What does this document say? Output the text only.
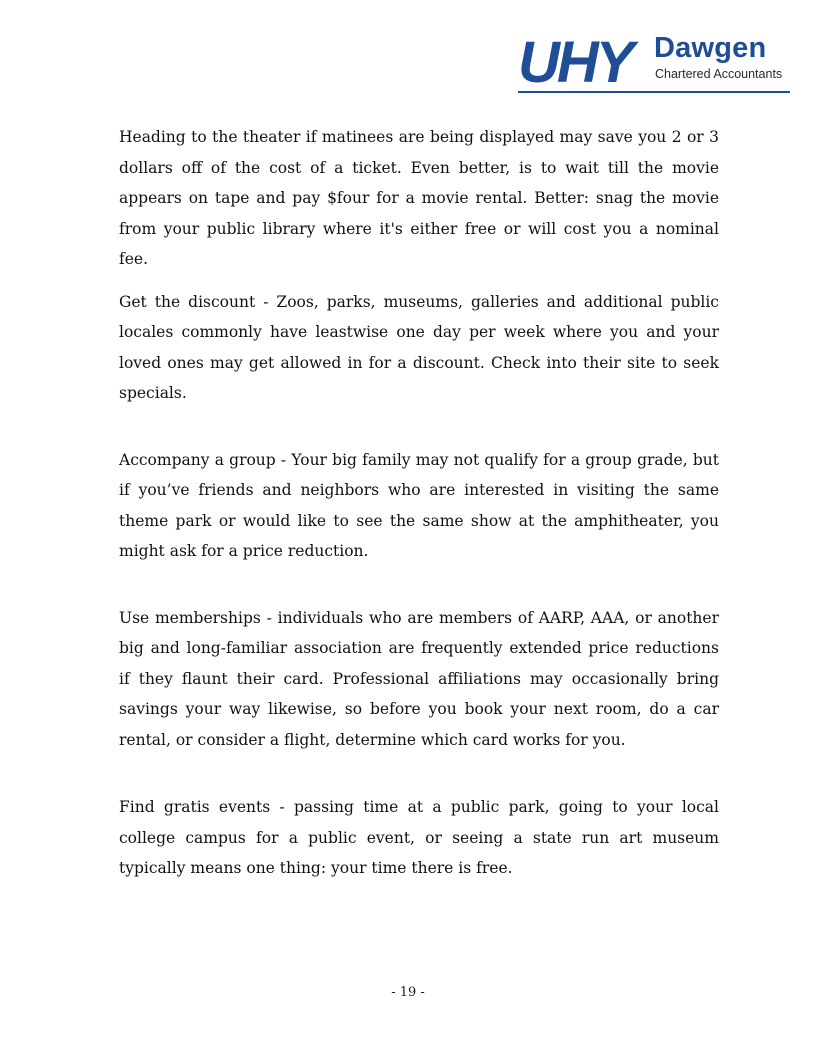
UHY Dawgen
Chartered Accountants

Heading to the theater if matinees are being displayed may save you 2 or 3 dollars off of the cost of a ticket. Even better, is to wait till the movie appears on tape and pay $four for a movie rental. Better: snag the movie from your public library where it's either free or will cost you a nominal fee.

Get the discount - Zoos, parks, museums, galleries and additional public locales commonly have leastwise one day per week where you and your loved ones may get allowed in for a discount. Check into their site to seek specials.

Accompany a group - Your big family may not qualify for a group grade, but if you’ve friends and neighbors who are interested in visiting the same theme park or would like to see the same show at the amphitheater, you might ask for a price reduction.

Use memberships - individuals who are members of AARP, AAA, or another big and long-familiar association are frequently extended price reductions if they flaunt their card. Professional affiliations may occasionally bring savings your way likewise, so before you book your next room, do a car rental, or consider a flight, determine which card works for you.

Find gratis events - passing time at a public park, going to your local college campus for a public event, or seeing a state run art museum typically means one thing: your time there is free.

- 19 -
